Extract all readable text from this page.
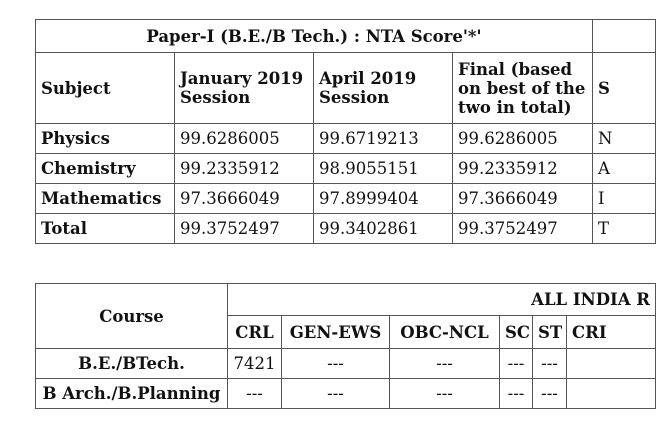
Paper-I (B.E./B Tech.) : NTA Score'*'				
Subject	January 2019 Session	April 2019 Session	Final (based on best of the two in total)	S
Physics	99.6286005	99.6719213	99.6286005	N
Chemistry	99.2335912	98.9055151	99.2335912	A
Mathematics	97.3666049	97.8999404	97.3666049	I
Total	99.3752497	99.3402861	99.3752497	T
Course	ALL INDIA R					
	CRL	GEN-EWS	OBC-NCL	SC	ST	CRI
B.E./BTech.	7421	---	---	---	---	
B Arch./B.Planning	---	---	---	---	---	
